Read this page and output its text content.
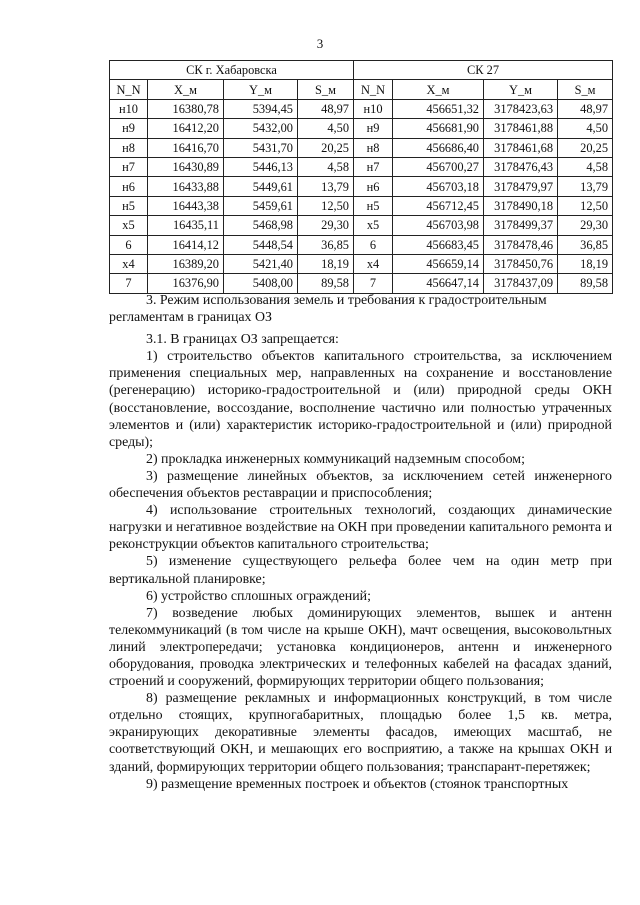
3
СК г. Хабаровска				СК 27			
N_N	X_м	Y_м	S_м	N_N	X_м	Y_м	S_м
н10	16380,78	5394,45	48,97	н10	456651,32	3178423,63	48,97
н9	16412,20	5432,00	4,50	н9	456681,90	3178461,88	4,50
н8	16416,70	5431,70	20,25	н8	456686,40	3178461,68	20,25
н7	16430,89	5446,13	4,58	н7	456700,27	3178476,43	4,58
н6	16433,88	5449,61	13,79	н6	456703,18	3178479,97	13,79
н5	16443,38	5459,61	12,50	н5	456712,45	3178490,18	12,50
х5	16435,11	5468,98	29,30	х5	456703,98	3178499,37	29,30
6	16414,12	5448,54	36,85	6	456683,45	3178478,46	36,85
х4	16389,20	5421,40	18,19	х4	456659,14	3178450,76	18,19
7	16376,90	5408,00	89,58	7	456647,14	3178437,09	89,58

3. Режим использования земель и требования к градостроительным регламентам в границах ОЗ

3.1. В границах ОЗ запрещается:

1) строительство объектов капитального строительства, за исключением применения специальных мер, направленных на сохранение и восстановление (регенерацию) историко-градостроительной и (или) природной среды ОКН (восстановление, воссоздание, восполнение частично или полностью утраченных элементов и (или) характеристик историко-градостроительной и (или) природной среды);

2) прокладка инженерных коммуникаций надземным способом;

3) размещение линейных объектов, за исключением сетей инженерного обеспечения объектов реставрации и приспособления;

4) использование строительных технологий, создающих динамические нагрузки и негативное воздействие на ОКН при проведении капитального ремонта и реконструкции объектов капитального строительства;

5) изменение существующего рельефа более чем на один метр при вертикальной планировке;

6) устройство сплошных ограждений;

7) возведение любых доминирующих элементов, вышек и антенн телекоммуникаций (в том числе на крыше ОКН), мачт освещения, высоковольтных линий электропередачи; установка кондиционеров, антенн и инженерного оборудования, проводка электрических и телефонных кабелей на фасадах зданий, строений и сооружений, формирующих территории общего пользования;

8) размещение рекламных и информационных конструкций, в том числе отдельно стоящих, крупногабаритных, площадью более 1,5 кв. метра, экранирующих декоративные элементы фасадов, имеющих масштаб, не соответствующий ОКН, и мешающих его восприятию, а также на крышах ОКН и зданий, формирующих территории общего пользования; транспарант-перетяжек;

9) размещение временных построек и объектов (стоянок транспортных
